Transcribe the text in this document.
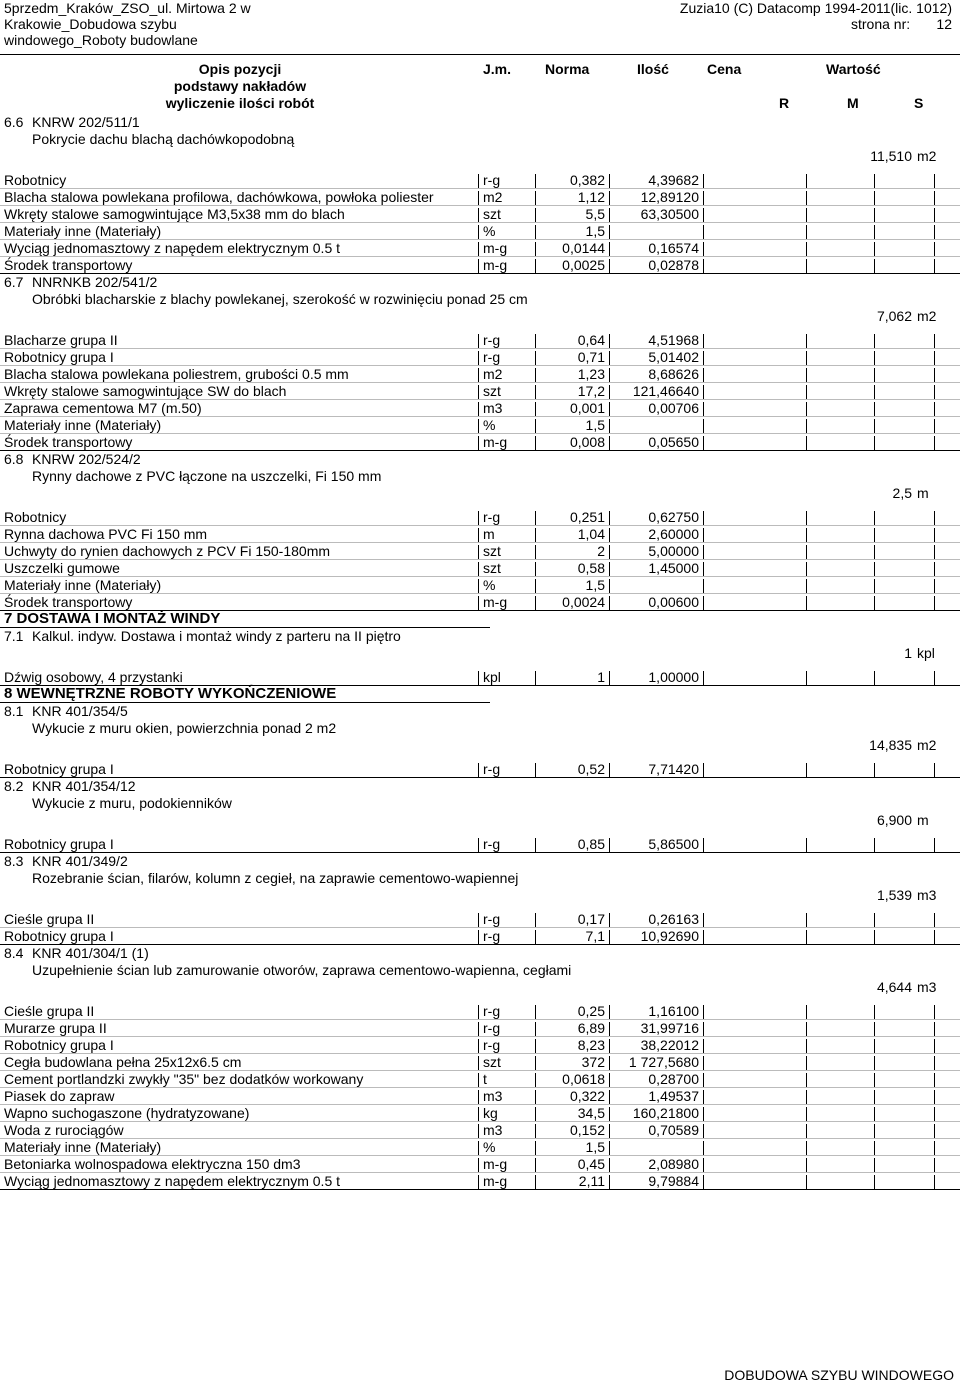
5przedm_Kraków_ZSO_ul. Mirtowa 2 w
Krakowie_Dobudowa szybu
windowego_Roboty budowlane
Zuzia10 (C) Datacomp 1994-2011(lic. 1012)
strona nr: 12
Opis pozycji
podstawy nakładów
wyliczenie ilości robót
J.m. Norma	Ilość	Cena	Wartość
R	M	S
6.6 KNRW 202/511/1
Pokrycie dachu blachą dachówkopodobną
11,510 m2
Robotnicy	r-g	0,382	4,39682
Blacha stalowa powlekana profilowa, dachówkowa, powłoka poliester	m2	1,12	12,89120
Wkręty stalowe samogwintujące M3,5x38 mm do blach	szt	5,5	63,30500
Materiały inne (Materiały)	%	1,5
Wyciąg jednomasztowy z napędem elektrycznym 0.5 t	m-g	0,0144	0,16574
Środek transportowy	m-g	0,0025	0,02878
6.7 NNRNKB 202/541/2
Obróbki blacharskie z blachy powlekanej, szerokość w rozwinięciu ponad 25 cm
7,062 m2
Blacharze grupa II	r-g	0,64	4,51968
Robotnicy grupa I	r-g	0,71	5,01402
Blacha stalowa powlekana poliestrem, grubości 0.5 mm	m2	1,23	8,68626
Wkręty stalowe samogwintujące SW do blach	szt	17,2	121,46640
Zaprawa cementowa M7 (m.50)	m3	0,001	0,00706
Materiały inne (Materiały)	%	1,5
Środek transportowy	m-g	0,008	0,05650
6.8 KNRW 202/524/2
Rynny dachowe z PVC łączone na uszczelki, Fi 150 mm
2,5 m
Robotnicy	r-g	0,251	0,62750
Rynna dachowa PVC Fi 150 mm	m	1,04	2,60000
Uchwyty do rynien dachowych z PCV Fi 150-180mm	szt	2	5,00000
Uszczelki gumowe	szt	0,58	1,45000
Materiały inne (Materiały)	%	1,5
Środek transportowy	m-g	0,0024	0,00600
7 DOSTAWA I MONTAŻ WINDY
7.1 Kalkul. indyw. Dostawa i montaż windy z parteru na II piętro
1 kpl
Dźwig osobowy, 4 przystanki	kpl	1	1,00000
8 WEWNĘTRZNE ROBOTY WYKOŃCZENIOWE
8.1 KNR 401/354/5
Wykucie z muru okien, powierzchnia ponad 2 m2
14,835 m2
Robotnicy grupa I	r-g	0,52	7,71420
8.2 KNR 401/354/12
Wykucie z muru, podokienników
6,900 m
Robotnicy grupa I	r-g	0,85	5,86500
8.3 KNR 401/349/2
Rozebranie ścian, filarów, kolumn z cegieł, na zaprawie cementowo-wapiennej
1,539 m3
Cieśle grupa II	r-g	0,17	0,26163
Robotnicy grupa I	r-g	7,1	10,92690
8.4 KNR 401/304/1 (1)
Uzupełnienie ścian lub zamurowanie otworów, zaprawa cementowo-wapienna, cegłami
4,644 m3
Cieśle grupa II	r-g	0,25	1,16100
Murarze grupa II	r-g	6,89	31,99716
Robotnicy grupa I	r-g	8,23	38,22012
Cegła budowlana pełna 25x12x6.5 cm	szt	372	1 727,5680
Cement portlandzki zwykły "35" bez dodatków workowany	t	0,0618	0,28700
Piasek do zapraw	m3	0,322	1,49537
Wapno suchogaszone (hydratyzowane)	kg	34,5	160,21800
Woda z rurociągów	m3	0,152	0,70589
Materiały inne (Materiały)	%	1,5
Betoniarka wolnospadowa elektryczna 150 dm3	m-g	0,45	2,08980
Wyciąg jednomasztowy z napędem elektrycznym 0.5 t	m-g	2,11	9,79884
DOBUDOWA SZYBU WINDOWEGO
